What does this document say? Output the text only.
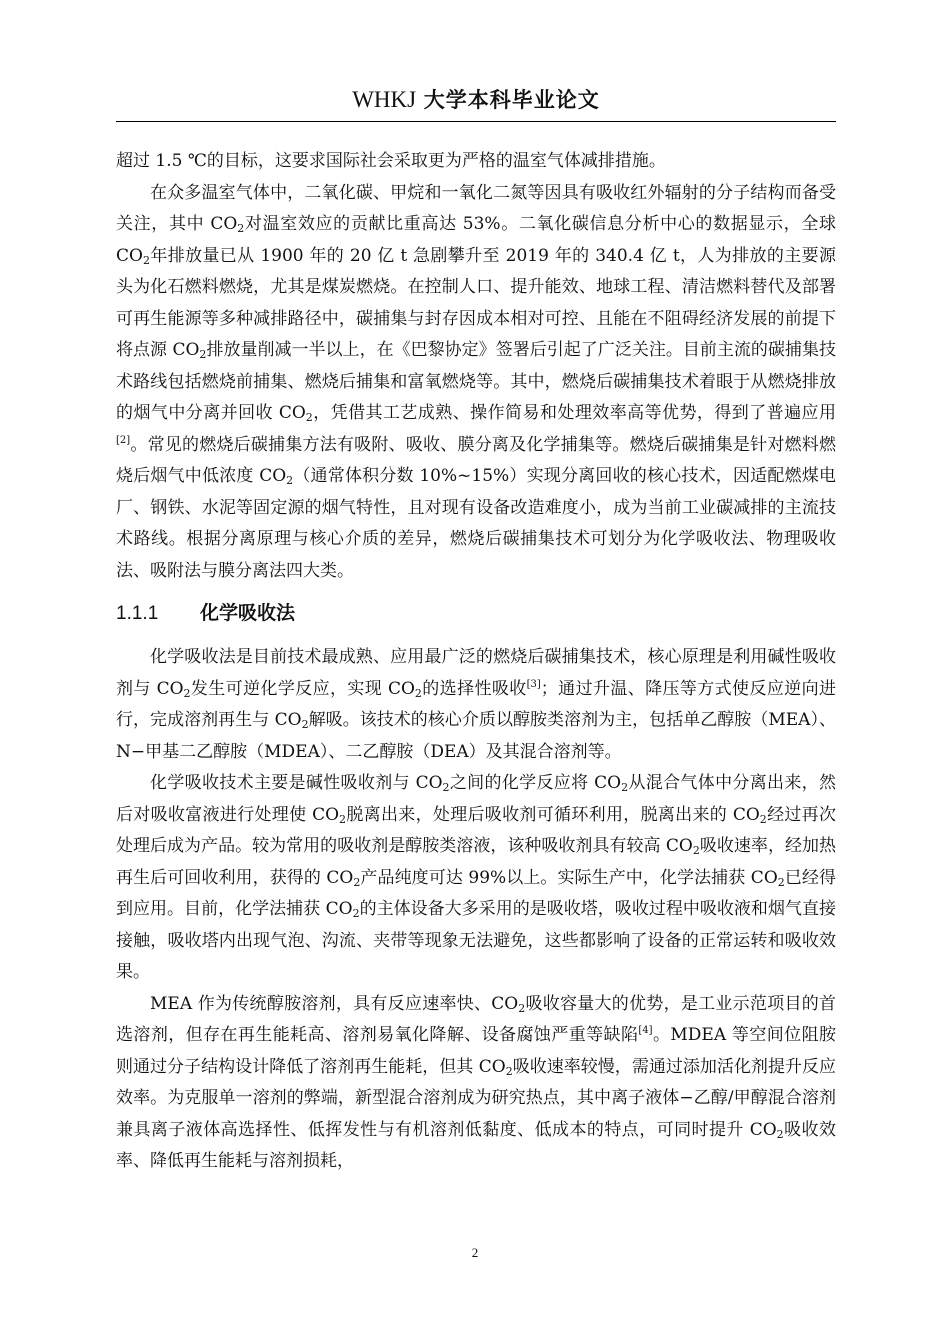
WHKJ 大学本科毕业论文

超过 1.5 ℃的目标，这要求国际社会采取更为严格的温室气体减排措施。

在众多温室气体中，二氧化碳、甲烷和一氧化二氮等因具有吸收红外辐射的分子结构而备受关注，其中 $CO_2$对温室效应的贡献比重高达 53%。二氧化碳信息分析中心的数据显示，全球 $CO_2$年排放量已从 1900 年的 20 亿 t 急剧攀升至 2019 年的 340.4 亿 t，人为排放的主要源头为化石燃料燃烧，尤其是煤炭燃烧。在控制人口、提升能效、地球工程、清洁燃料替代及部署可再生能源等多种减排路径中，碳捕集与封存因成本相对可控、且能在不阻碍经济发展的前提下将点源 $CO_2$排放量削减一半以上，在《巴黎协定》签署后引起了广泛关注。目前主流的碳捕集技术路线包括燃烧前捕集、燃烧后捕集和富氧燃烧等。其中，燃烧后碳捕集技术着眼于从燃烧排放的烟气中分离并回收 $CO_2$，凭借其工艺成熟、操作简易和处理效率高等优势，得到了普遍应用[2]。常见的燃烧后碳捕集方法有吸附、吸收、膜分离及化学捕集等。燃烧后碳捕集是针对燃料燃烧后烟气中低浓度 $CO_2$（通常体积分数 10%~15%）实现分离回收的核心技术，因适配燃煤电厂、钢铁、水泥等固定源的烟气特性，且对现有设备改造难度小，成为当前工业碳减排的主流技术路线。根据分离原理与核心介质的差异，燃烧后碳捕集技术可划分为化学吸收法、物理吸收法、吸附法与膜分离法四大类。

1.1.1 化学吸收法

化学吸收法是目前技术最成熟、应用最广泛的燃烧后碳捕集技术，核心原理是利用碱性吸收剂与 $CO_2$发生可逆化学反应，实现 $CO_2$的选择性吸收[3]；通过升温、降压等方式使反应逆向进行，完成溶剂再生与 $CO_2$解吸。该技术的核心介质以醇胺类溶剂为主，包括单乙醇胺（MEA）、N−甲基二乙醇胺（MDEA）、二乙醇胺（DEA）及其混合溶剂等。

化学吸收技术主要是碱性吸收剂与 $CO_2$之间的化学反应将 $CO_2$从混合气体中分离出来，然后对吸收富液进行处理使 $CO_2$脱离出来，处理后吸收剂可循环利用，脱离出来的 $CO_2$经过再次处理后成为产品。较为常用的吸收剂是醇胺类溶液，该种吸收剂具有较高 $CO_2$吸收速率，经加热再生后可回收利用，获得的 $CO_2$产品纯度可达 99%以上。实际生产中，化学法捕获 $CO_2$已经得到应用。目前，化学法捕获 $CO_2$的主体设备大多采用的是吸收塔，吸收过程中吸收液和烟气直接接触，吸收塔内出现气泡、沟流、夹带等现象无法避免，这些都影响了设备的正常运转和吸收效果。

MEA 作为传统醇胺溶剂，具有反应速率快、$CO_2$吸收容量大的优势，是工业示范项目的首选溶剂，但存在再生能耗高、溶剂易氧化降解、设备腐蚀严重等缺陷[4]。MDEA 等空间位阻胺则通过分子结构设计降低了溶剂再生能耗，但其 $CO_2$吸收速率较慢，需通过添加活化剂提升反应效率。为克服单一溶剂的弊端，新型混合溶剂成为研究热点，其中离子液体−乙醇/甲醇混合溶剂兼具离子液体高选择性、低挥发性与有机溶剂低黏度、低成本的特点，可同时提升 $CO_2$吸收效率、降低再生能耗与溶剂损耗，

2
